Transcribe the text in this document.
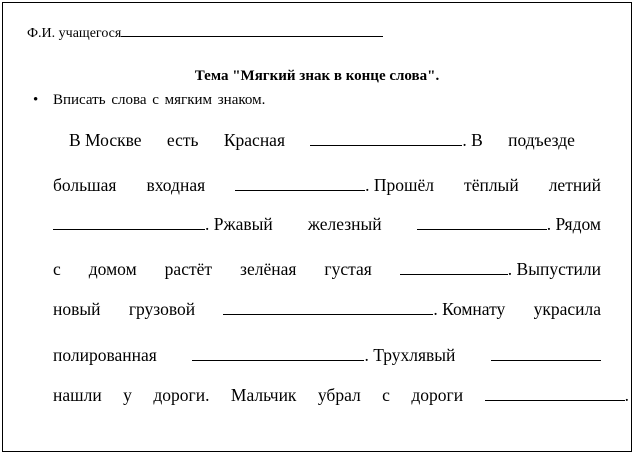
Ф.И. учащегося
Тема "Мягкий знак в конце слова".
• Вписать слова с мягким знаком.
В Москве есть Красная	. В подъезде
большая входная	. Прошёл тёплый летний
. Ржавый железный	. Рядом
с домом растёт зелёная густая	. Выпустили
новый грузовой	. Комнату украсила
полированная	. Трухлявый
нашли у дороги. Мальчик убрал с дороги	.
